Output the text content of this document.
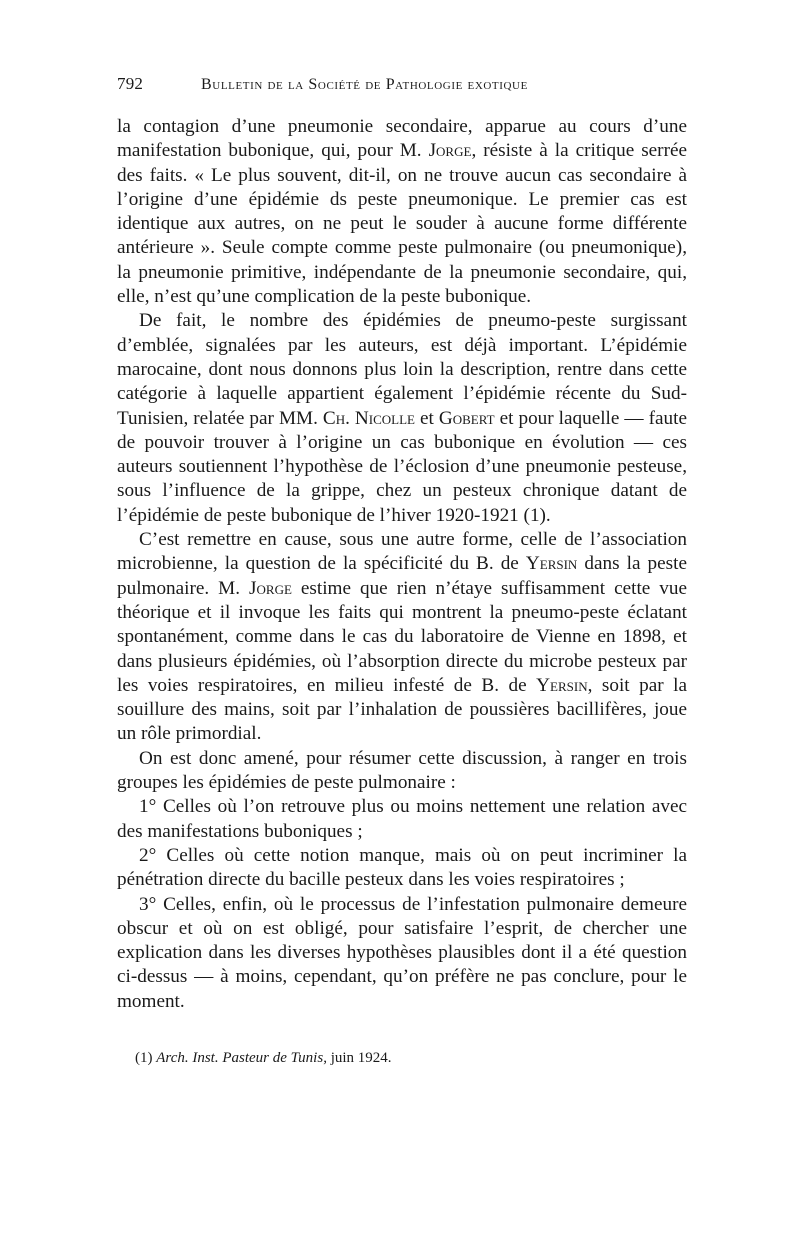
792	Bulletin de la Société de Pathologie exotique

la contagion d’une pneumonie secondaire, apparue au cours d’une manifestation bubonique, qui, pour M. Jorge, résiste à la critique serrée des faits. « Le plus souvent, dit-il, on ne trouve aucun cas secondaire à l’origine d’une épidémie ds peste pneumonique. Le premier cas est identique aux autres, on ne peut le souder à aucune forme différente antérieure ». Seule compte comme peste pulmonaire (ou pneumonique), la pneumonie primitive, indépendante de la pneumonie secondaire, qui, elle, n’est qu’une complication de la peste bubonique.

De fait, le nombre des épidémies de pneumo-peste surgissant d’emblée, signalées par les auteurs, est déjà important. L’épidémie marocaine, dont nous donnons plus loin la description, rentre dans cette catégorie à laquelle appartient également l’épidémie récente du Sud-Tunisien, relatée par MM. Ch. Nicolle et Gobert et pour laquelle — faute de pouvoir trouver à l’origine un cas bubonique en évolution — ces auteurs soutiennent l’hypothèse de l’éclosion d’une pneumonie pesteuse, sous l’influence de la grippe, chez un pesteux chronique datant de l’épidémie de peste bubonique de l’hiver 1920-1921 (1).

C’est remettre en cause, sous une autre forme, celle de l’association microbienne, la question de la spécificité du B. de Yersin dans la peste pulmonaire. M. Jorge estime que rien n’étaye suffisamment cette vue théorique et il invoque les faits qui montrent la pneumo-peste éclatant spontanément, comme dans le cas du laboratoire de Vienne en 1898, et dans plusieurs épidémies, où l’absorption directe du microbe pesteux par les voies respiratoires, en milieu infesté de B. de Yersin, soit par la souillure des mains, soit par l’inhalation de poussières bacillifères, joue un rôle primordial.

On est donc amené, pour résumer cette discussion, à ranger en trois groupes les épidémies de peste pulmonaire :

1° Celles où l’on retrouve plus ou moins nettement une relation avec des manifestations buboniques ;

2° Celles où cette notion manque, mais où on peut incriminer la pénétration directe du bacille pesteux dans les voies respiratoires ;

3° Celles, enfin, où le processus de l’infestation pulmonaire demeure obscur et où on est obligé, pour satisfaire l’esprit, de chercher une explication dans les diverses hypothèses plausibles dont il a été question ci-dessus — à moins, cependant, qu’on préfère ne pas conclure, pour le moment.

(1) Arch. Inst. Pasteur de Tunis, juin 1924.
